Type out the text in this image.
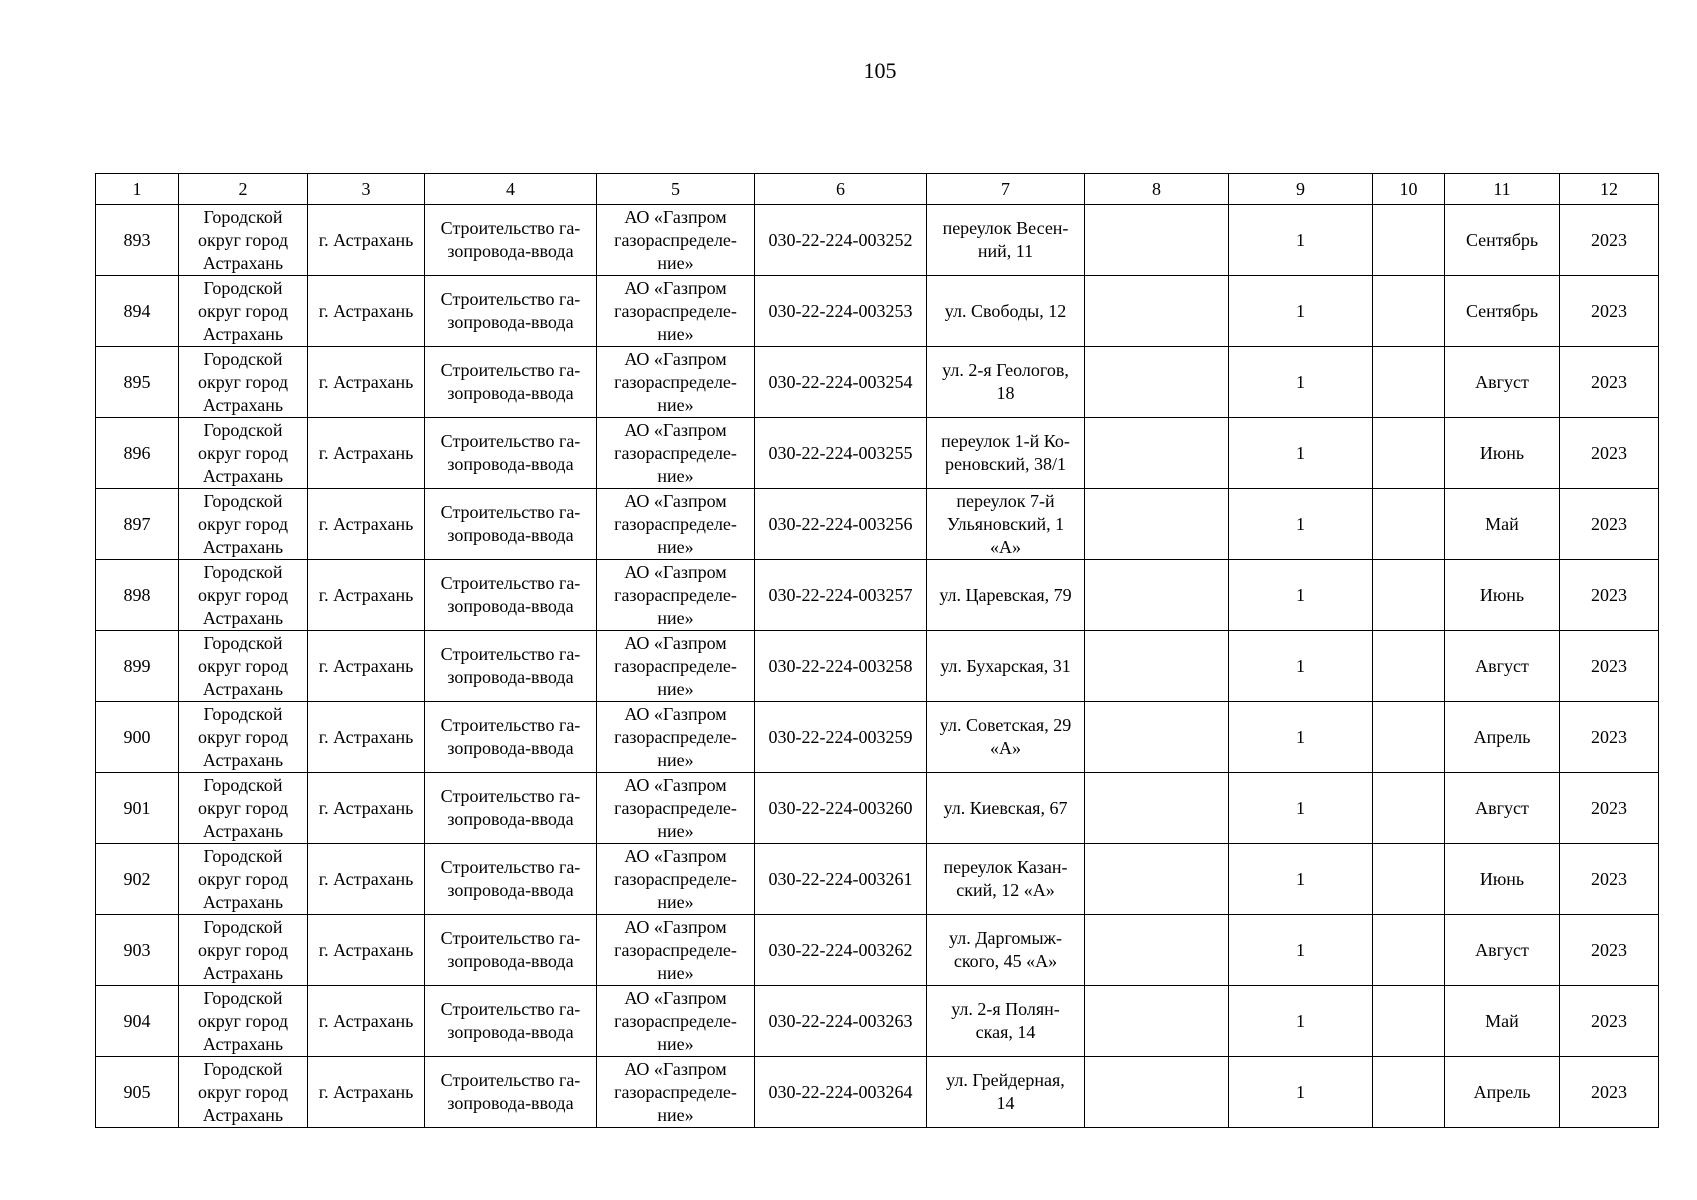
105
1	2	3	4	5	6	7	8	9	10	11	12
893	Городской
округ город
Астрахань	г. Астрахань	Строительство га-
зопровода-ввода	АО «Газпром
газораспределе-
ние»	030-22-224-003252	переулок Весен-
ний, 11		1		Сентябрь	2023
894	Городской
округ город
Астрахань	г. Астрахань	Строительство га-
зопровода-ввода	АО «Газпром
газораспределе-
ние»	030-22-224-003253	ул. Свободы, 12		1		Сентябрь	2023
895	Городской
округ город
Астрахань	г. Астрахань	Строительство га-
зопровода-ввода	АО «Газпром
газораспределе-
ние»	030-22-224-003254	ул. 2-я Геологов,
18		1		Август	2023
896	Городской
округ город
Астрахань	г. Астрахань	Строительство га-
зопровода-ввода	АО «Газпром
газораспределе-
ние»	030-22-224-003255	переулок 1-й Ко-
реновский, 38/1		1		Июнь	2023
897	Городской
округ город
Астрахань	г. Астрахань	Строительство га-
зопровода-ввода	АО «Газпром
газораспределе-
ние»	030-22-224-003256	переулок 7-й
Ульяновский, 1
«А»		1		Май	2023
898	Городской
округ город
Астрахань	г. Астрахань	Строительство га-
зопровода-ввода	АО «Газпром
газораспределе-
ние»	030-22-224-003257	ул. Царевская, 79		1		Июнь	2023
899	Городской
округ город
Астрахань	г. Астрахань	Строительство га-
зопровода-ввода	АО «Газпром
газораспределе-
ние»	030-22-224-003258	ул. Бухарская, 31		1		Август	2023
900	Городской
округ город
Астрахань	г. Астрахань	Строительство га-
зопровода-ввода	АО «Газпром
газораспределе-
ние»	030-22-224-003259	ул. Советская, 29
«А»		1		Апрель	2023
901	Городской
округ город
Астрахань	г. Астрахань	Строительство га-
зопровода-ввода	АО «Газпром
газораспределе-
ние»	030-22-224-003260	ул. Киевская, 67		1		Август	2023
902	Городской
округ город
Астрахань	г. Астрахань	Строительство га-
зопровода-ввода	АО «Газпром
газораспределе-
ние»	030-22-224-003261	переулок Казан-
ский, 12 «А»		1		Июнь	2023
903	Городской
округ город
Астрахань	г. Астрахань	Строительство га-
зопровода-ввода	АО «Газпром
газораспределе-
ние»	030-22-224-003262	ул. Даргомыж-
ского, 45 «А»		1		Август	2023
904	Городской
округ город
Астрахань	г. Астрахань	Строительство га-
зопровода-ввода	АО «Газпром
газораспределе-
ние»	030-22-224-003263	ул. 2-я Полян-
ская, 14		1		Май	2023
905	Городской
округ город
Астрахань	г. Астрахань	Строительство га-
зопровода-ввода	АО «Газпром
газораспределе-
ние»	030-22-224-003264	ул. Грейдерная,
14		1		Апрель	2023
